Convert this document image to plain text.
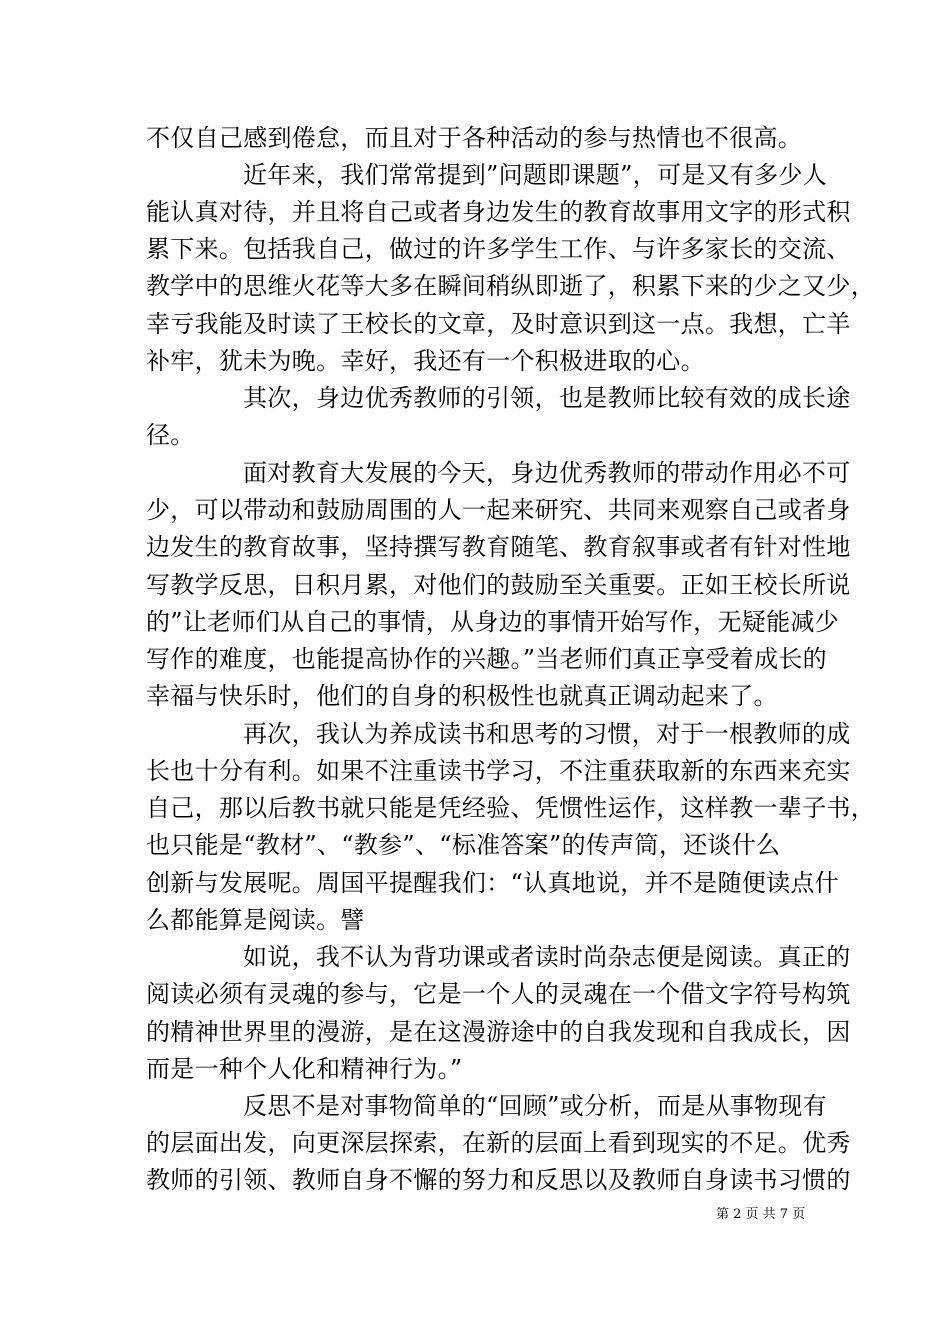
不仅自己感到倦怠，而且对于各种活动的参与热情也不很高。
近年来，我们常常提到”问题即课题”，可是又有多少人
能认真对待，并且将自己或者身边发生的教育故事用文字的形式积
累下来。包括我自己，做过的许多学生工作、与许多家长的交流、
教学中的思维火花等大多在瞬间稍纵即逝了，积累下来的少之又少，
幸亏我能及时读了王校长的文章，及时意识到这一点。我想，亡羊
补牢，犹未为晚。幸好，我还有一个积极进取的心。
其次，身边优秀教师的引领，也是教师比较有效的成长途
径。
面对教育大发展的今天，身边优秀教师的带动作用必不可
少，可以带动和鼓励周围的人一起来研究、共同来观察自己或者身
边发生的教育故事，坚持撰写教育随笔、教育叙事或者有针对性地
写教学反思，日积月累，对他们的鼓励至关重要。正如王校长所说
的”让老师们从自己的事情，从身边的事情开始写作，无疑能减少
写作的难度，也能提高协作的兴趣。”当老师们真正享受着成长的
幸福与快乐时，他们的自身的积极性也就真正调动起来了。
再次，我认为养成读书和思考的习惯，对于一根教师的成
长也十分有利。如果不注重读书学习，不注重获取新的东西来充实
自己，那以后教书就只能是凭经验、凭惯性运作，这样教一辈子书，
也只能是“教材”、“教参”、“标准答案”的传声筒，还谈什么
创新与发展呢。周国平提醒我们：“认真地说，并不是随便读点什
么都能算是阅读。譬
如说，我不认为背功课或者读时尚杂志便是阅读。真正的
阅读必须有灵魂的参与，它是一个人的灵魂在一个借文字符号构筑
的精神世界里的漫游，是在这漫游途中的自我发现和自我成长，因
而是一种个人化和精神行为。”
反思不是对事物简单的“回顾”或分析，而是从事物现有
的层面出发，向更深层探索，在新的层面上看到现实的不足。优秀
教师的引领、教师自身不懈的努力和反思以及教师自身读书习惯的
第 2 页 共 7 页
